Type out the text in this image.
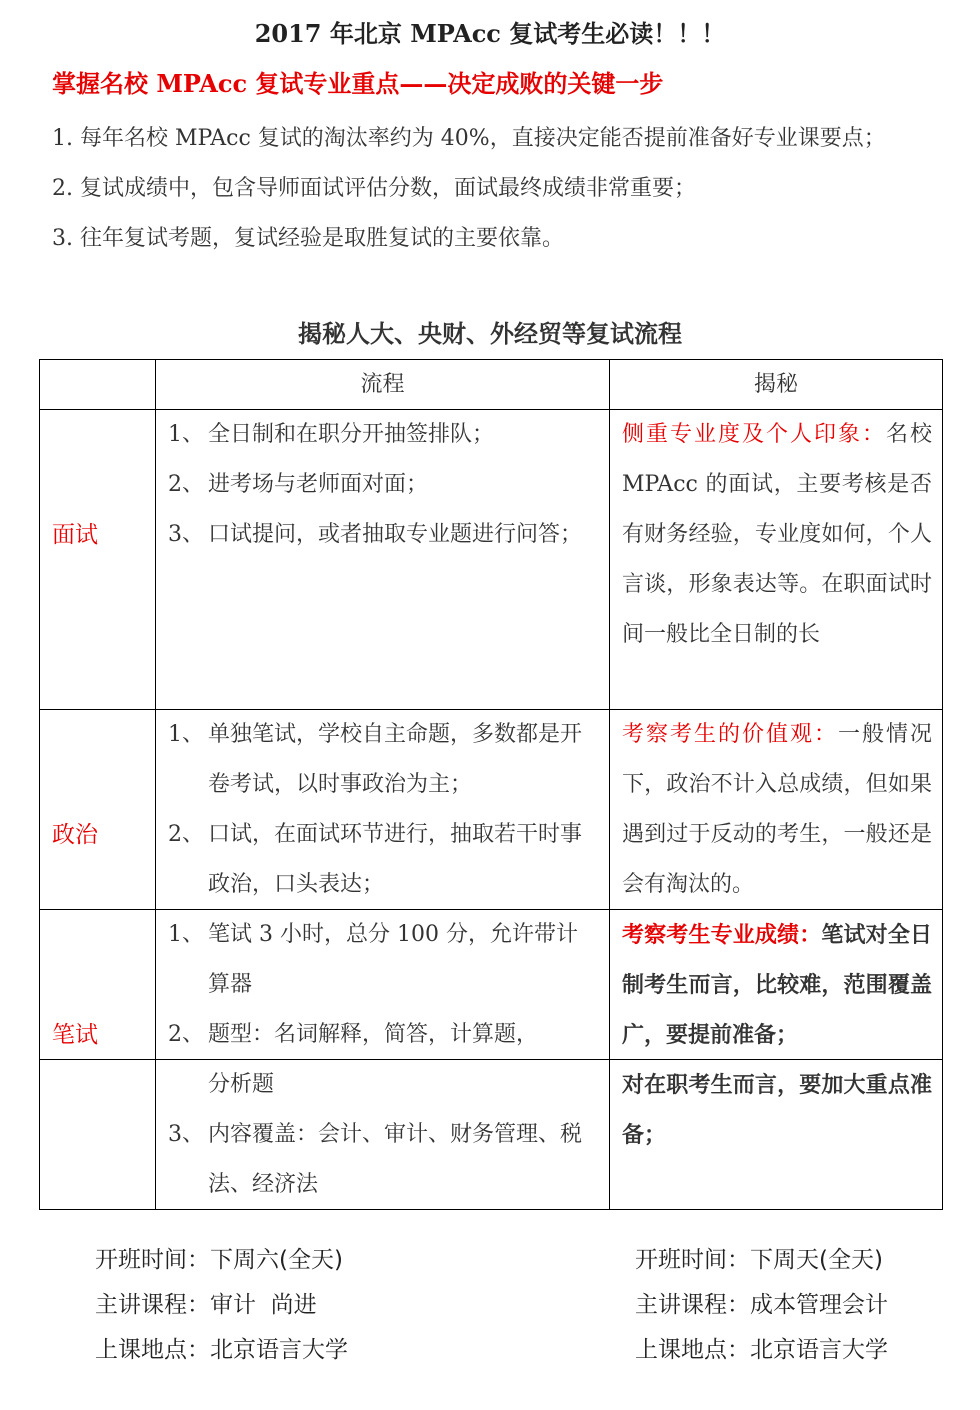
2017 年北京 MPAcc 复试考生必读！！！
掌握名校 MPAcc 复试专业重点——决定成败的关键一步
1. 每年名校 MPAcc 复试的淘汰率约为 40%，直接决定能否提前准备好专业课要点；
2. 复试成绩中，包含导师面试评估分数，面试最终成绩非常重要；
3. 往年复试考题，复试经验是取胜复试的主要依靠。
揭秘人大、央财、外经贸等复试流程
流程	揭秘
面试
1、 全日制和在职分开抽签排队；
2、 进考场与老师面对面；
3、 口试提问，或者抽取专业题进行问答；
侧重专业度及个人印象：名校 MPAcc 的面试，主要考核是否有财务经验，专业度如何，个人言谈，形象表达等。在职面试时间一般比全日制的长
政治
1、 单独笔试，学校自主命题，多数都是开卷考试，以时事政治为主；
2、 口试，在面试环节进行，抽取若干时事政治，口头表达；
考察考生的价值观：一般情况下，政治不计入总成绩，但如果遇到过于反动的考生，一般还是会有淘汰的。
笔试
1、 笔试 3 小时，总分 100 分，允许带计算器
2、 题型：名词解释，简答，计算题，
考察考生专业成绩：笔试对全日制考生而言，比较难，范围覆盖广，要提前准备；
分析题
3、 内容覆盖：会计、审计、财务管理、税法、经济法
对在职考生而言，要加大重点准备；
开班时间：下周六(全天)
主讲课程：审计  尚进
上课地点：北京语言大学
开班时间：下周天(全天)
主讲课程：成本管理会计
上课地点：北京语言大学
